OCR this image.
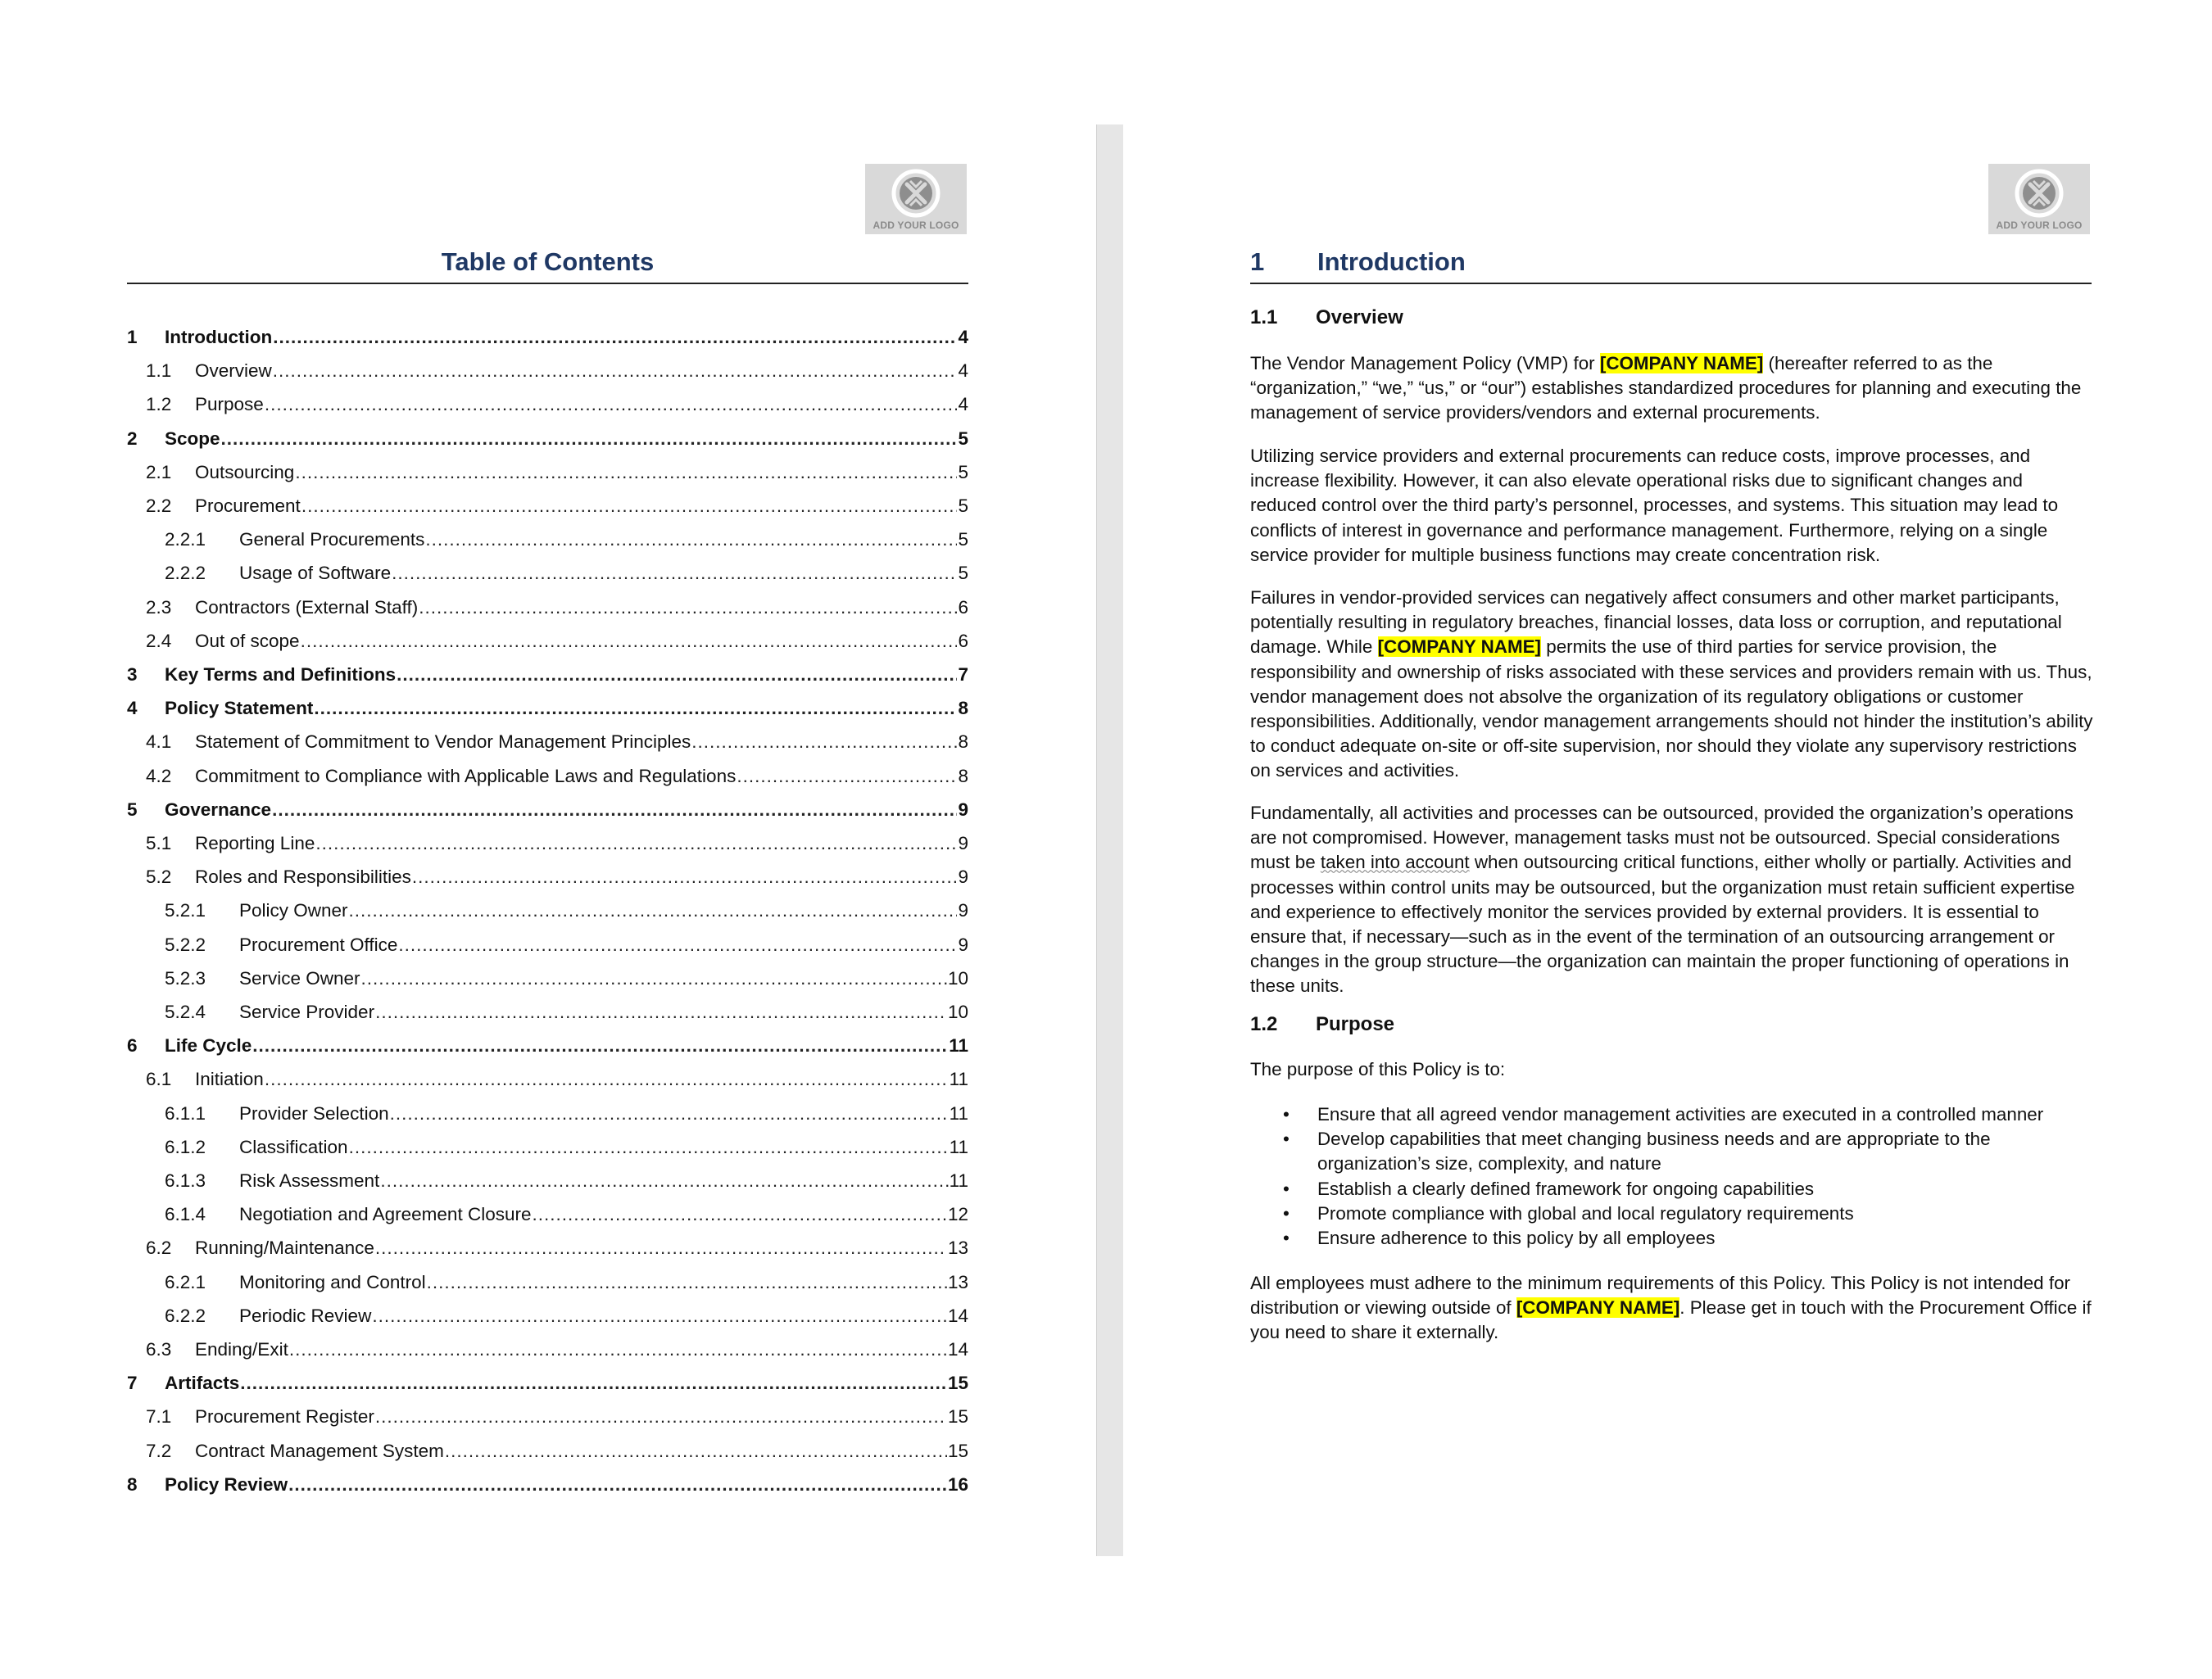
ADD YOUR LOGO
Table of Contents
1	Introduction .....	4
1.1	Overview .....	4
1.2	Purpose .....	4
2	Scope .....	5
2.1	Outsourcing .....	5
2.2	Procurement .....	5
2.2.1	General Procurements .....	5
2.2.2	Usage of Software .....	5
2.3	Contractors (External Staff) .....	6
2.4	Out of scope .....	6
3	Key Terms and Definitions .....	7
4	Policy Statement .....	8
4.1	Statement of Commitment to Vendor Management Principles .....	8
4.2	Commitment to Compliance with Applicable Laws and Regulations .....	8
5	Governance .....	9
5.1	Reporting Line .....	9
5.2	Roles and Responsibilities .....	9
5.2.1	Policy Owner .....	9
5.2.2	Procurement Office .....	9
5.2.3	Service Owner .....	10
5.2.4	Service Provider .....	10
6	Life Cycle .....	11
6.1	Initiation .....	11
6.1.1	Provider Selection .....	11
6.1.2	Classification .....	11
6.1.3	Risk Assessment .....	11
6.1.4	Negotiation and Agreement Closure .....	12
6.2	Running/Maintenance .....	13
6.2.1	Monitoring and Control .....	13
6.2.2	Periodic Review .....	14
6.3	Ending/Exit .....	14
7	Artifacts .....	15
7.1	Procurement Register .....	15
7.2	Contract Management System .....	15
8	Policy Review .....	16
ADD YOUR LOGO
1	Introduction
1.1	Overview

The Vendor Management Policy (VMP) for [COMPANY NAME] (hereafter referred to as the “organization,” “we,” “us,” or “our”) establishes standardized procedures for planning and executing the management of service providers/vendors and external procurements.

Utilizing service providers and external procurements can reduce costs, improve processes, and increase flexibility. However, it can also elevate operational risks due to significant changes and reduced control over the third party’s personnel, processes, and systems. This situation may lead to conflicts of interest in governance and performance management. Furthermore, relying on a single service provider for multiple business functions may create concentration risk.

Failures in vendor-provided services can negatively affect consumers and other market participants, potentially resulting in regulatory breaches, financial losses, data loss or corruption, and reputational damage. While [COMPANY NAME] permits the use of third parties for service provision, the responsibility and ownership of risks associated with these services and providers remain with us. Thus, vendor management does not absolve the organization of its regulatory obligations or customer responsibilities. Additionally, vendor management arrangements should not hinder the institution’s ability to conduct adequate on-site or off-site supervision, nor should they violate any supervisory restrictions on services and activities.

Fundamentally, all activities and processes can be outsourced, provided the organization’s operations are not compromised. However, management tasks must not be outsourced. Special considerations must be taken into account when outsourcing critical functions, either wholly or partially. Activities and processes within control units may be outsourced, but the organization must retain sufficient expertise and experience to effectively monitor the services provided by external providers. It is essential to ensure that, if necessary—such as in the event of the termination of an outsourcing arrangement or changes in the group structure—the organization can maintain the proper functioning of operations in these units.

1.2	Purpose

The purpose of this Policy is to:

• Ensure that all agreed vendor management activities are executed in a controlled manner
• Develop capabilities that meet changing business needs and are appropriate to the organization’s size, complexity, and nature
• Establish a clearly defined framework for ongoing capabilities
• Promote compliance with global and local regulatory requirements
• Ensure adherence to this policy by all employees

All employees must adhere to the minimum requirements of this Policy. This Policy is not intended for distribution or viewing outside of [COMPANY NAME]. Please get in touch with the Procurement Office if you need to share it externally.
